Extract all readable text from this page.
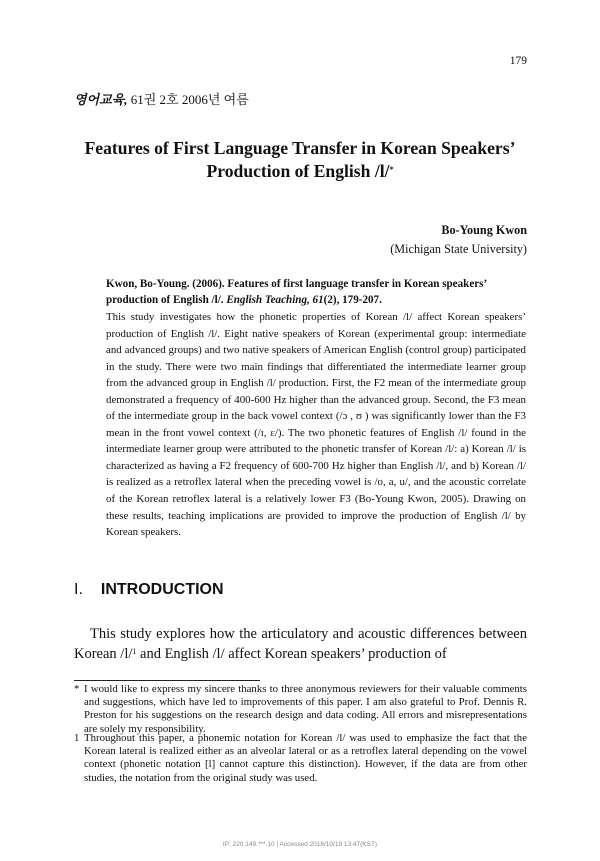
179
영어교육, 61권 2호 2006년 여름
Features of First Language Transfer in Korean Speakers’
Production of English /l/*
Bo-Young Kwon
(Michigan State University)
Kwon, Bo-Young. (2006). Features of first language transfer in Korean speakers’ production of English /l/. English Teaching, 61(2), 179-207.
This study investigates how the phonetic properties of Korean /l/ affect Korean speakers’ production of English /l/. Eight native speakers of Korean (experimental group: intermediate and advanced groups) and two native speakers of American English (control group) participated in the study. There were two main findings that differentiated the intermediate learner group from the advanced group in English /l/ production. First, the F2 mean of the intermediate group demonstrated a frequency of 400-600 Hz higher than the advanced group. Second, the F3 mean of the intermediate group in the back vowel context (/ɔ , ʊ ) was significantly lower than the F3 mean in the front vowel context (/ɪ, ɛ/). The two phonetic features of English /l/ found in the intermediate learner group were attributed to the phonetic transfer of Korean /l/: a) Korean /l/ is characterized as having a F2 frequency of 600-700 Hz higher than English /l/, and b) Korean /l/ is realized as a retroflex lateral when the preceding vowel is /o, a, u/, and the acoustic correlate of the Korean retroflex lateral is a relatively lower F3 (Bo-Young Kwon, 2005). Drawing on these results, teaching implications are provided to improve the production of English /l/ by Korean speakers.
I. INTRODUCTION
This study explores how the articulatory and acoustic differences between Korean /l/$^1$ and English /l/ affect Korean speakers’ production of
* I would like to express my sincere thanks to three anonymous reviewers for their valuable comments and suggestions, which have led to improvements of this paper. I am also grateful to Prof. Dennis R. Preston for his suggestions on the research design and data coding. All errors and misrepresentations are solely my responsibility.
1 Throughout this paper, a phonemic notation for Korean /l/ was used to emphasize the fact that the Korean lateral is realized either as an alveolar lateral or as a retroflex lateral depending on the vowel context (phonetic notation [l] cannot capture this distinction). However, if the data are from other studies, the notation from the original study was used.
IP: 220.149.***.10 | Accessed 2018/10/19 13:47(KST)
